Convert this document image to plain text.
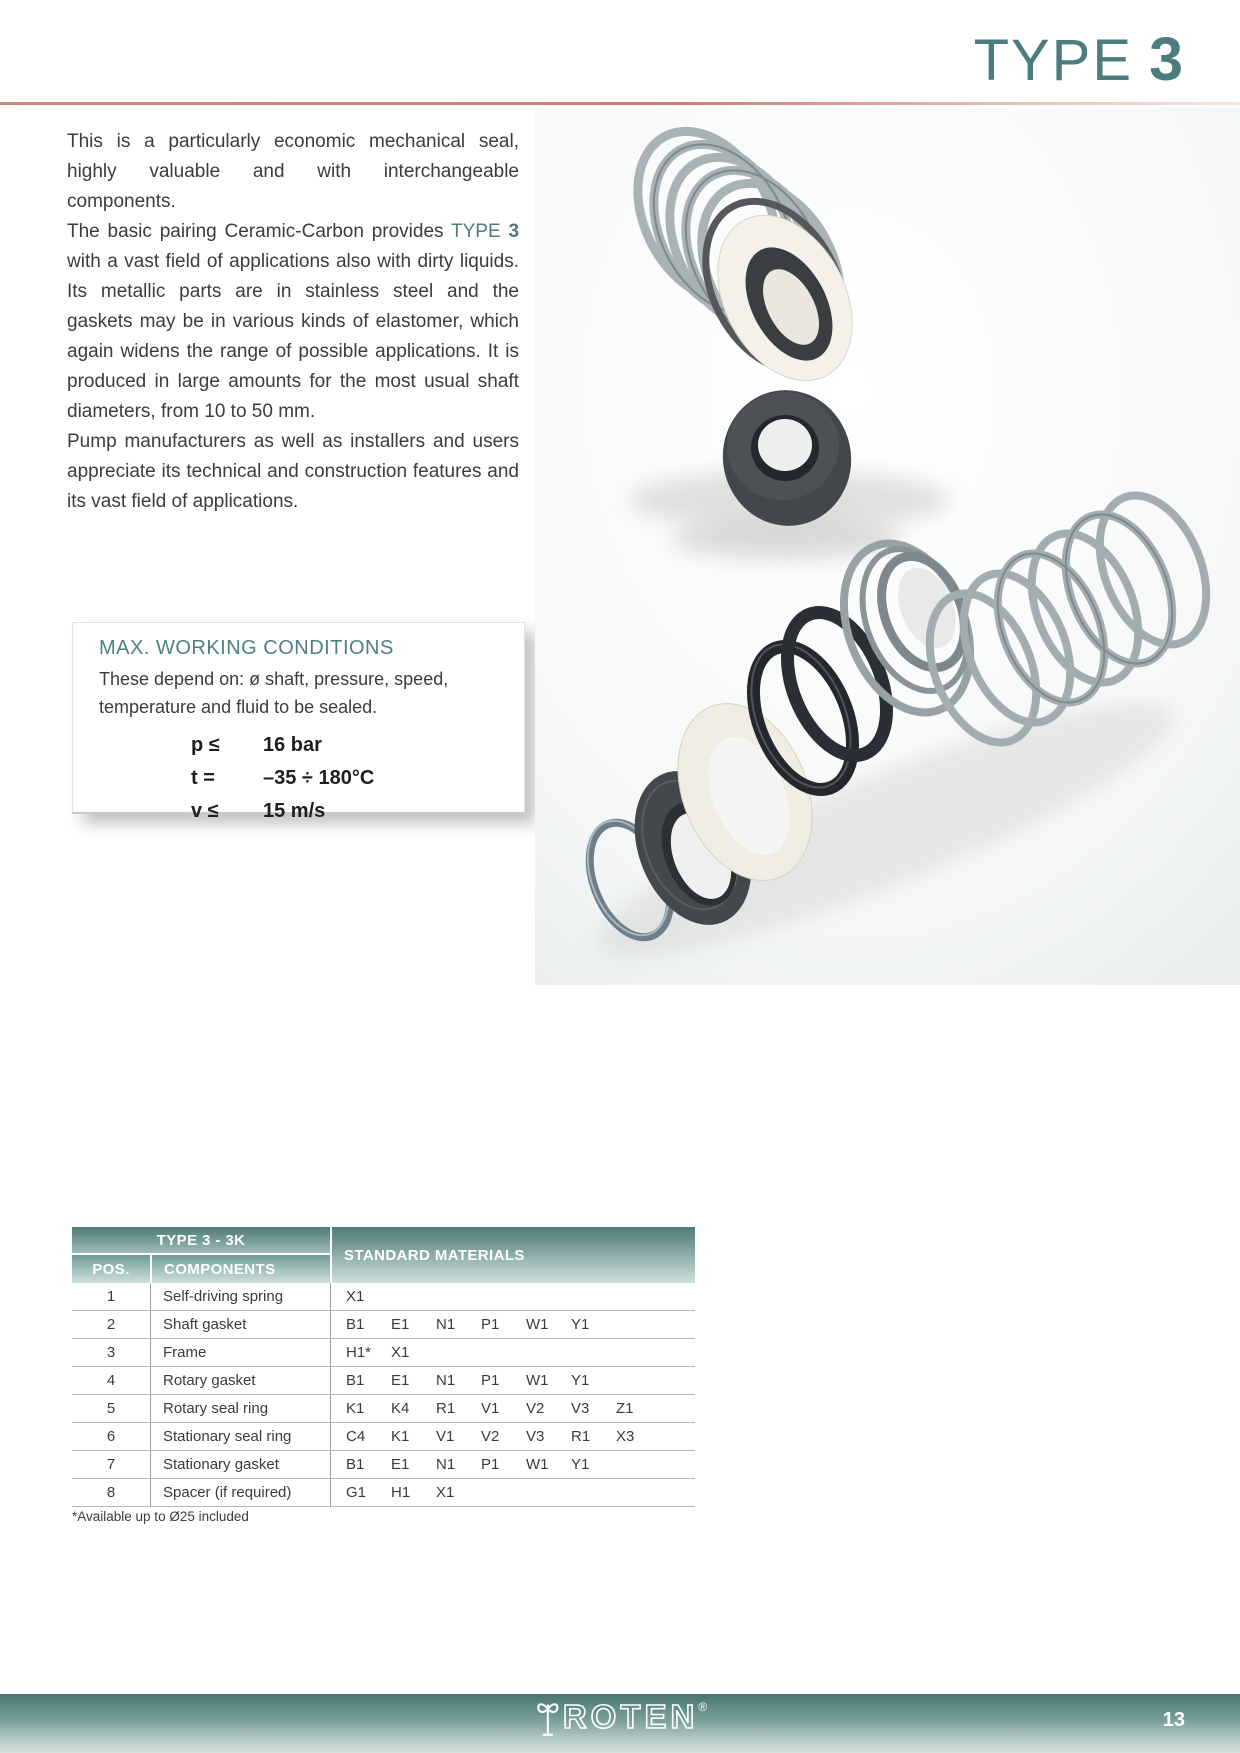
TYPE 3

This is a particularly economic mechanical seal, highly valuable and with interchangeable components.

The basic pairing Ceramic-Carbon provides TYPE 3 with a vast field of applications also with dirty liquids. Its metallic parts are in stainless steel and the gaskets may be in various kinds of elastomer, which again widens the range of possible applications. It is produced in large amounts for the most usual shaft diameters, from 10 to 50 mm.

Pump manufacturers as well as installers and users appreciate its technical and construction features and its vast field of applications.

MAX. WORKING CONDITIONS

These depend on: ø shaft, pressure, speed, temperature and fluid to be sealed.

p ≤	16 bar
t =	–35 ÷ 180°C
v ≤	15 m/s
TYPE 3 - 3K
POS. COMPONENTS
STANDARD MATERIALS
1	Self-driving spring	X1
2	Shaft gasket	B1	E1	N1	P1	W1	Y1
3	Frame	H1*	X1
4	Rotary gasket	B1	E1	N1	P1	W1	Y1
5	Rotary seal ring	K1	K4	R1	V1	V2	V3	Z1
6	Stationary seal ring	C4	K1	V1	V2	V3	R1	X3
7	Stationary gasket	B1	E1	N1	P1	W1	Y1
8	Spacer (if required)	G1	H1	X1
*Available up to Ø25 included
ROTEN ®
13
